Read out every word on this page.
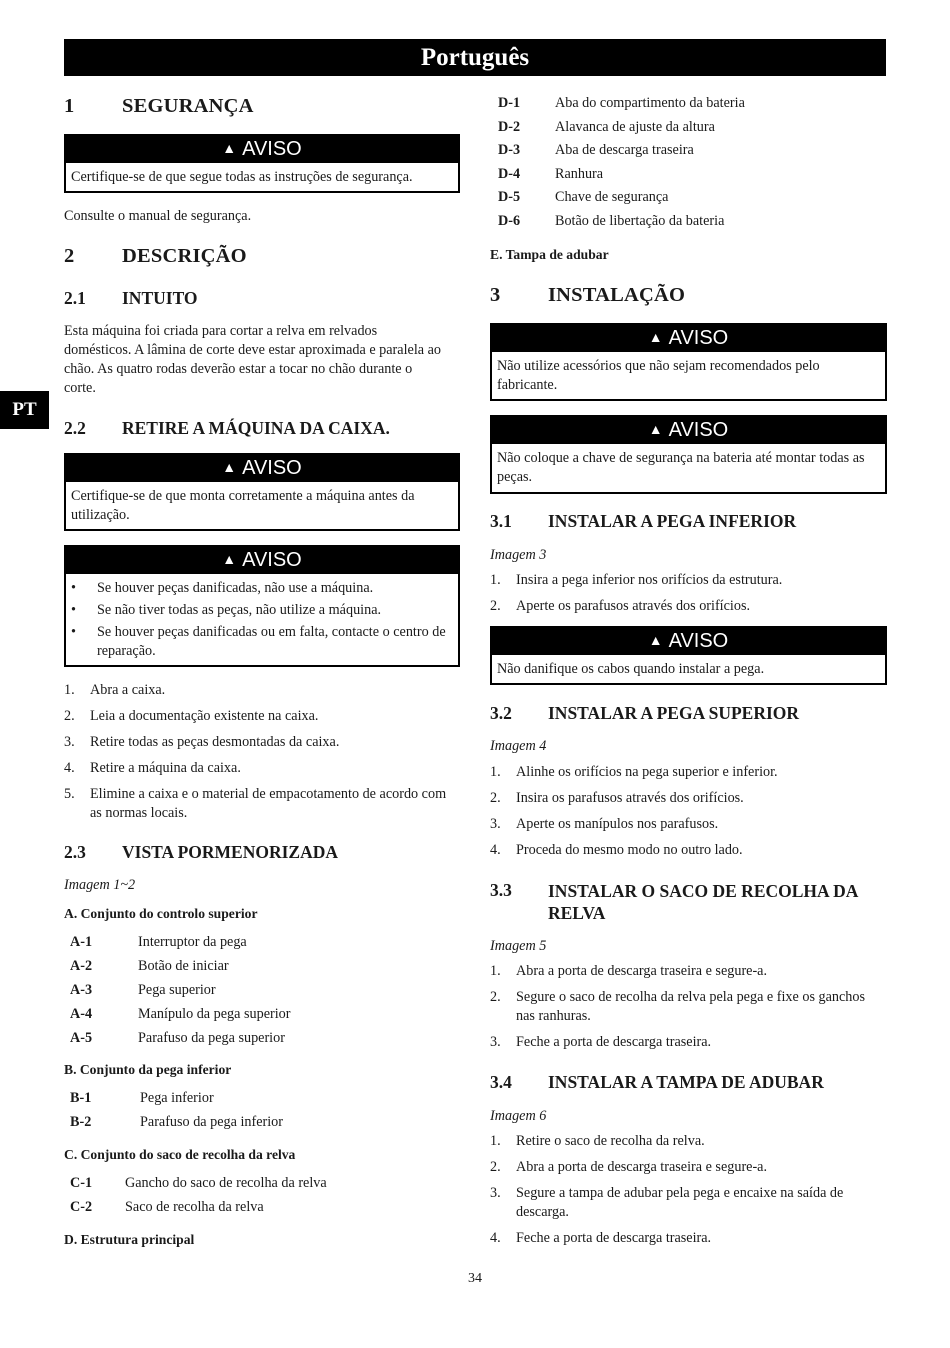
Português
PT
1 SEGURANÇA
▲ AVISO
Certifique-se de que segue todas as instruções de segurança.
Consulte o manual de segurança.
2 DESCRIÇÃO
2.1 INTUITO
Esta máquina foi criada para cortar a relva em relvados domésticos. A lâmina de corte deve estar aproximada e paralela ao chão. As quatro rodas deverão estar a tocar no chão durante o corte.
2.2 RETIRE A MÁQUINA DA CAIXA.
▲ AVISO
Certifique-se de que monta corretamente a máquina antes da utilização.
▲ AVISO
•	Se houver peças danificadas, não use a máquina.
•	Se não tiver todas as peças, não utilize a máquina.
•	Se houver peças danificadas ou em falta, contacte o centro de reparação.
1.	Abra a caixa.
2.	Leia a documentação existente na caixa.
3.	Retire todas as peças desmontadas da caixa.
4.	Retire a máquina da caixa.
5.	Elimine a caixa e o material de empacotamento de acordo com as normas locais.
2.3 VISTA PORMENORIZADA
Imagem 1~2
A. Conjunto do controlo superior
A-1	Interruptor da pega
A-2	Botão de iniciar
A-3	Pega superior
A-4	Manípulo da pega superior
A-5	Parafuso da pega superior
B. Conjunto da pega inferior
B-1	Pega inferior
B-2	Parafuso da pega inferior
C. Conjunto do saco de recolha da relva
C-1	Gancho do saco de recolha da relva
C-2	Saco de recolha da relva
D. Estrutura principal
D-1	Aba do compartimento da bateria
D-2	Alavanca de ajuste da altura
D-3	Aba de descarga traseira
D-4	Ranhura
D-5	Chave de segurança
D-6	Botão de libertação da bateria
E. Tampa de adubar
3 INSTALAÇÃO
▲ AVISO
Não utilize acessórios que não sejam recomendados pelo fabricante.
▲ AVISO
Não coloque a chave de segurança na bateria até montar todas as peças.
3.1 INSTALAR A PEGA INFERIOR
Imagem 3
1.	Insira a pega inferior nos orifícios da estrutura.
2.	Aperte os parafusos através dos orifícios.
▲ AVISO
Não danifique os cabos quando instalar a pega.
3.2 INSTALAR A PEGA SUPERIOR
Imagem 4
1.	Alinhe os orifícios na pega superior e inferior.
2.	Insira os parafusos através dos orifícios.
3.	Aperte os manípulos nos parafusos.
4.	Proceda do mesmo modo no outro lado.
3.3	INSTALAR O SACO DE RECOLHA DA RELVA
Imagem 5
1.	Abra a porta de descarga traseira e segure-a.
2.	Segure o saco de recolha da relva pela pega e fixe os ganchos nas ranhuras.
3.	Feche a porta de descarga traseira.
3.4 INSTALAR A TAMPA DE ADUBAR
Imagem 6
1.	Retire o saco de recolha da relva.
2.	Abra a porta de descarga traseira e segure-a.
3.	Segure a tampa de adubar pela pega e encaixe na saída de descarga.
4.	Feche a porta de descarga traseira.
34
